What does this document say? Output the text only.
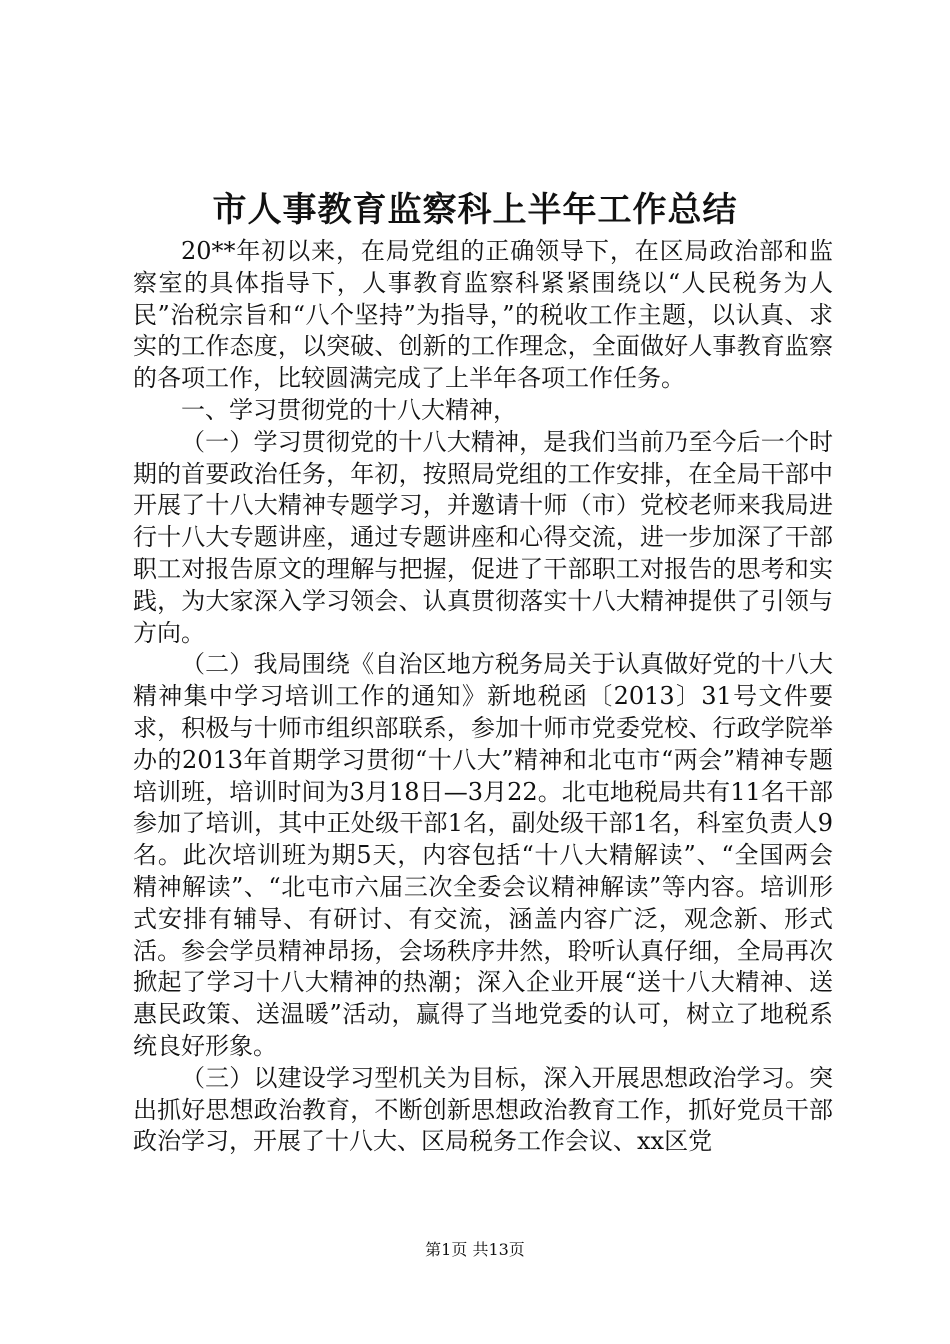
市人事教育监察科上半年工作总结

20**年初以来，在局党组的正确领导下，在区局政治部和监察室的具体指导下，人事教育监察科紧紧围绕以“人民税务为人民”治税宗旨和“八个坚持”为指导，”的税收工作主题，以认真、求实的工作态度，以突破、创新的工作理念，全面做好人事教育监察的各项工作，比较圆满完成了上半年各项工作任务。

一、学习贯彻党的十八大精神，

（一）学习贯彻党的十八大精神，是我们当前乃至今后一个时期的首要政治任务，年初，按照局党组的工作安排，在全局干部中开展了十八大精神专题学习，并邀请十师（市）党校老师来我局进行十八大专题讲座，通过专题讲座和心得交流，进一步加深了干部职工对报告原文的理解与把握，促进了干部职工对报告的思考和实践，为大家深入学习领会、认真贯彻落实十八大精神提供了引领与方向。

（二）我局围绕《自治区地方税务局关于认真做好党的十八大精神集中学习培训工作的通知》新地税函〔2013〕31号文件要求，积极与十师市组织部联系，参加十师市党委党校、行政学院举办的2013年首期学习贯彻“十八大”精神和北屯市“两会”精神专题培训班，培训时间为3月18日—3月22。北屯地税局共有11名干部参加了培训，其中正处级干部1名，副处级干部1名，科室负责人9名。此次培训班为期5天，内容包括“十八大精解读”、“全国两会精神解读”、“北屯市六届三次全委会议精神解读”等内容。培训形式安排有辅导、有研讨、有交流，涵盖内容广泛，观念新、形式活。参会学员精神昂扬，会场秩序井然，聆听认真仔细，全局再次掀起了学习十八大精神的热潮；深入企业开展“送十八大精神、送惠民政策、送温暖”活动，赢得了当地党委的认可，树立了地税系统良好形象。

（三）以建设学习型机关为目标，深入开展思想政治学习。突出抓好思想政治教育，不断创新思想政治教育工作，抓好党员干部政治学习，开展了十八大、区局税务工作会议、xx区党

第1页 共13页
